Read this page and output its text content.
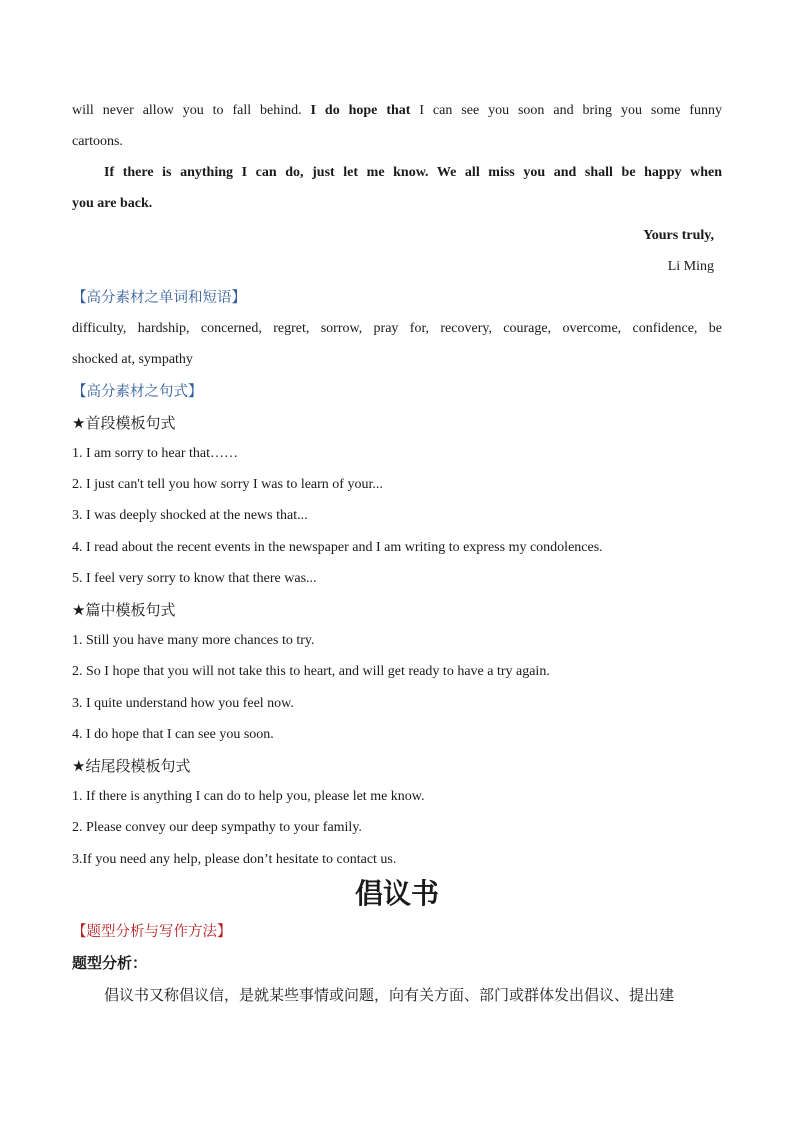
will never allow you to fall behind. I do hope that I can see you soon and bring you some funny
cartoons.
If there is anything I can do, just let me know. We all miss you and shall be happy when
you are back.
Yours truly,
Li Ming
【高分素材之单词和短语】
difficulty, hardship, concerned, regret, sorrow, pray for, recovery, courage, overcome, confidence, be
shocked at, sympathy
【高分素材之句式】
★首段模板句式
1. I am sorry to hear that……
2. I just can't tell you how sorry I was to learn of your...
3. I was deeply shocked at the news that...
4. I read about the recent events in the newspaper and I am writing to express my condolences.
5. I feel very sorry to know that there was...
★篇中模板句式
1. Still you have many more chances to try.
2. So I hope that you will not take this to heart, and will get ready to have a try again.
3. I quite understand how you feel now.
4. I do hope that I can see you soon.
★结尾段模板句式
1. If there is anything I can do to help you, please let me know.
2. Please convey our deep sympathy to your family.
3.If you need any help, please don’t hesitate to contact us.
倡议书
【题型分析与写作方法】
题型分析：
倡议书又称倡议信，是就某些事情或问题，向有关方面、部门或群体发出倡议、提出建
